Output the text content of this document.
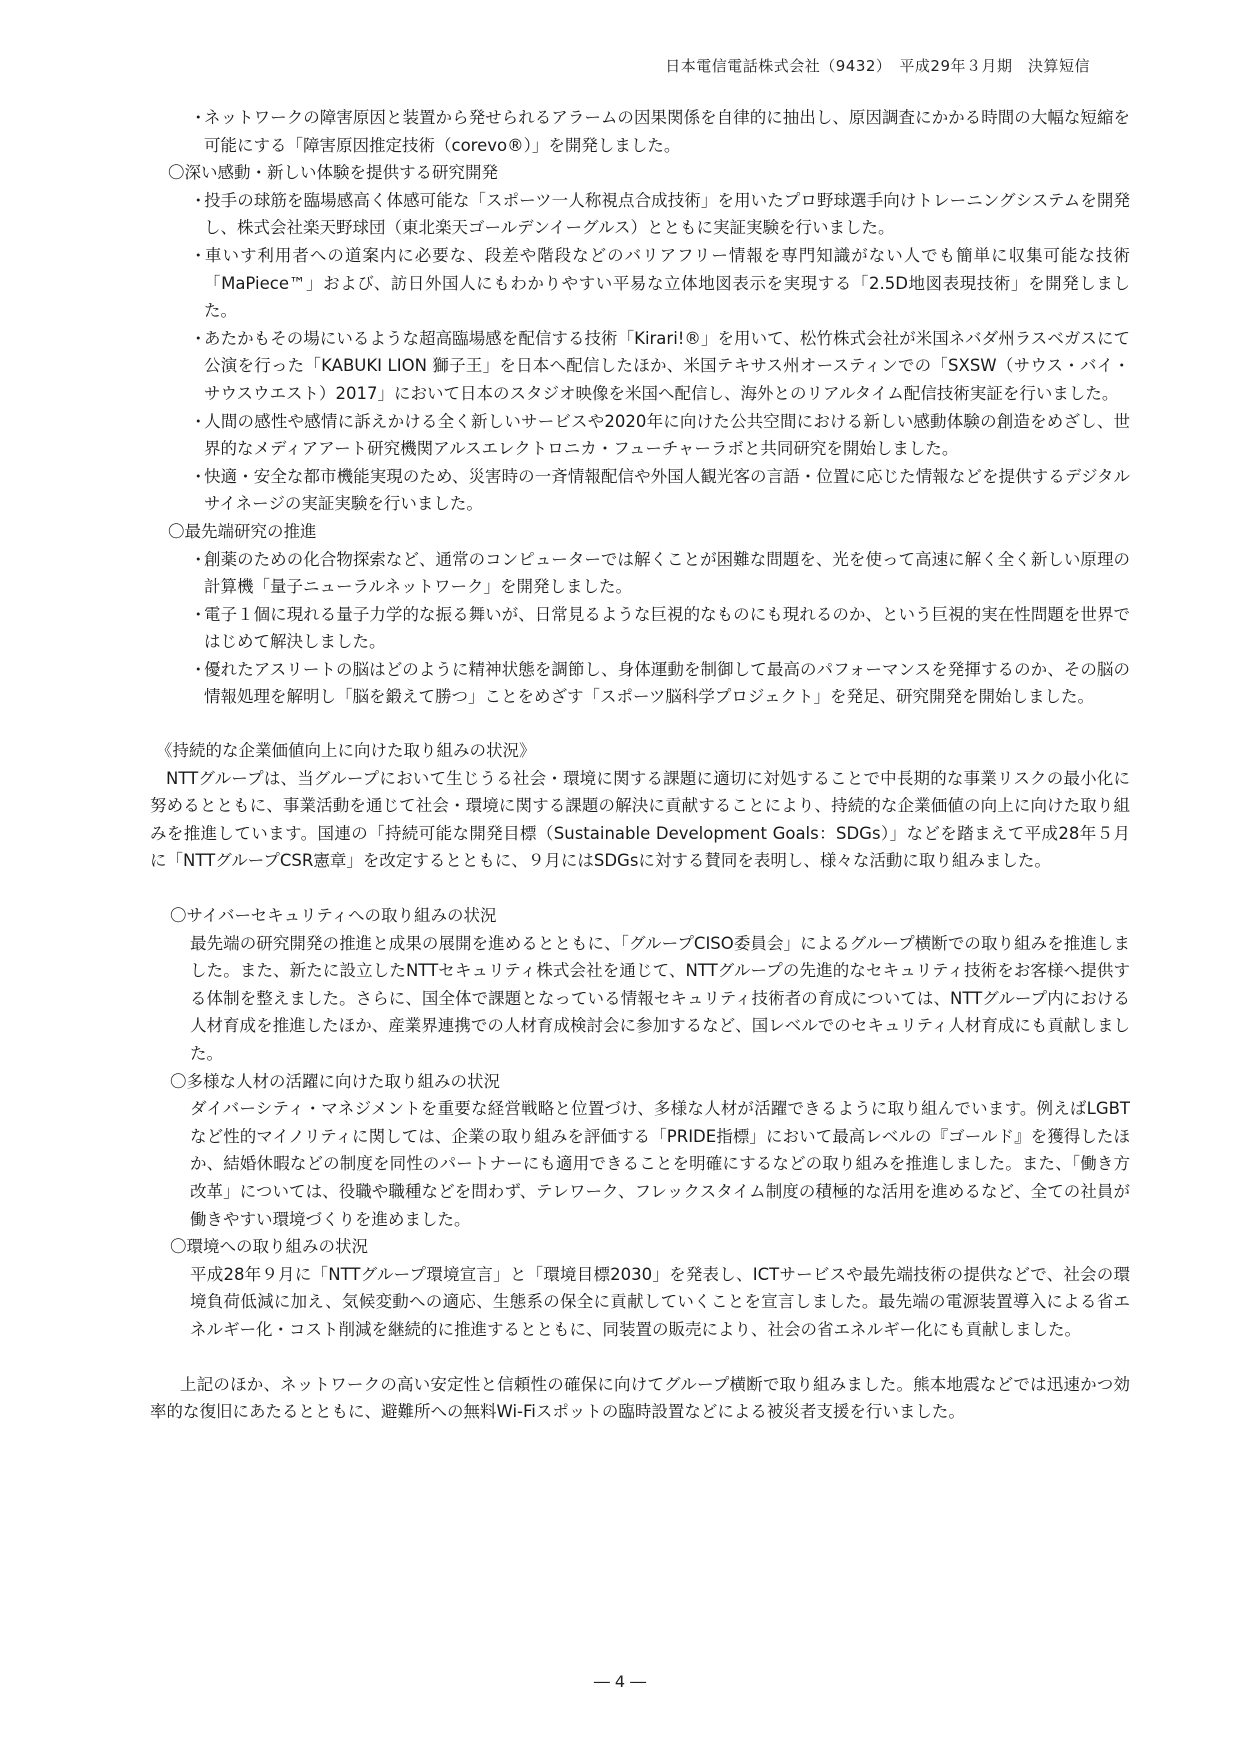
日本電信電話株式会社（9432）　平成29年３月期　決算短信
・ネットワークの障害原因と装置から発せられるアラームの因果関係を自律的に抽出し、原因調査にかかる時間の大幅な短縮を可能にする「障害原因推定技術（corevo®）」を開発しました。
〇深い感動・新しい体験を提供する研究開発
・投手の球筋を臨場感高く体感可能な「スポーツ一人称視点合成技術」を用いたプロ野球選手向けトレーニングシステムを開発し、株式会社楽天野球団（東北楽天ゴールデンイーグルス）とともに実証実験を行いました。
・車いす利用者への道案内に必要な、段差や階段などのバリアフリー情報を専門知識がない人でも簡単に収集可能な技術「MaPiece™」および、訪日外国人にもわかりやすい平易な立体地図表示を実現する「2.5D地図表現技術」を開発しました。
・あたかもその場にいるような超高臨場感を配信する技術「Kirari!®」を用いて、松竹株式会社が米国ネバダ州ラスベガスにて公演を行った「KABUKI LION 獅子王」を日本へ配信したほか、米国テキサス州オースティンでの「SXSW（サウス・バイ・サウスウエスト）2017」において日本のスタジオ映像を米国へ配信し、海外とのリアルタイム配信技術実証を行いました。
・人間の感性や感情に訴えかける全く新しいサービスや2020年に向けた公共空間における新しい感動体験の創造をめざし、世界的なメディアアート研究機関アルスエレクトロニカ・フューチャーラボと共同研究を開始しました。
・快適・安全な都市機能実現のため、災害時の一斉情報配信や外国人観光客の言語・位置に応じた情報などを提供するデジタルサイネージの実証実験を行いました。
〇最先端研究の推進
・創薬のための化合物探索など、通常のコンピューターでは解くことが困難な問題を、光を使って高速に解く全く新しい原理の計算機「量子ニューラルネットワーク」を開発しました。
・電子１個に現れる量子力学的な振る舞いが、日常見るような巨視的なものにも現れるのか、という巨視的実在性問題を世界ではじめて解決しました。
・優れたアスリートの脳はどのように精神状態を調節し、身体運動を制御して最高のパフォーマンスを発揮するのか、その脳の情報処理を解明し「脳を鍛えて勝つ」ことをめざす「スポーツ脳科学プロジェクト」を発足、研究開発を開始しました。
《持続的な企業価値向上に向けた取り組みの状況》
NTTグループは、当グループにおいて生じうる社会・環境に関する課題に適切に対処することで中長期的な事業リスクの最小化に努めるとともに、事業活動を通じて社会・環境に関する課題の解決に貢献することにより、持続的な企業価値の向上に向けた取り組みを推進しています。国連の「持続可能な開発目標（Sustainable Development Goals：SDGs）」などを踏まえて平成28年５月に「NTTグループCSR憲章」を改定するとともに、９月にはSDGsに対する賛同を表明し、様々な活動に取り組みました。
〇サイバーセキュリティへの取り組みの状況
最先端の研究開発の推進と成果の展開を進めるとともに、「グループCISO委員会」によるグループ横断での取り組みを推進しました。また、新たに設立したNTTセキュリティ株式会社を通じて、NTTグループの先進的なセキュリティ技術をお客様へ提供する体制を整えました。さらに、国全体で課題となっている情報セキュリティ技術者の育成については、NTTグループ内における人材育成を推進したほか、産業界連携での人材育成検討会に参加するなど、国レベルでのセキュリティ人材育成にも貢献しました。
〇多様な人材の活躍に向けた取り組みの状況
ダイバーシティ・マネジメントを重要な経営戦略と位置づけ、多様な人材が活躍できるように取り組んでいます。例えばLGBTなど性的マイノリティに関しては、企業の取り組みを評価する「PRIDE指標」において最高レベルの『ゴールド』を獲得したほか、結婚休暇などの制度を同性のパートナーにも適用できることを明確にするなどの取り組みを推進しました。また、「働き方改革」については、役職や職種などを問わず、テレワーク、フレックスタイム制度の積極的な活用を進めるなど、全ての社員が働きやすい環境づくりを進めました。
〇環境への取り組みの状況
平成28年９月に「NTTグループ環境宣言」と「環境目標2030」を発表し、ICTサービスや最先端技術の提供などで、社会の環境負荷低減に加え、気候変動への適応、生態系の保全に貢献していくことを宣言しました。最先端の電源装置導入による省エネルギー化・コスト削減を継続的に推進するとともに、同装置の販売により、社会の省エネルギー化にも貢献しました。
上記のほか、ネットワークの高い安定性と信頼性の確保に向けてグループ横断で取り組みました。熊本地震などでは迅速かつ効率的な復旧にあたるとともに、避難所への無料Wi-Fiスポットの臨時設置などによる被災者支援を行いました。
― 4 ―
